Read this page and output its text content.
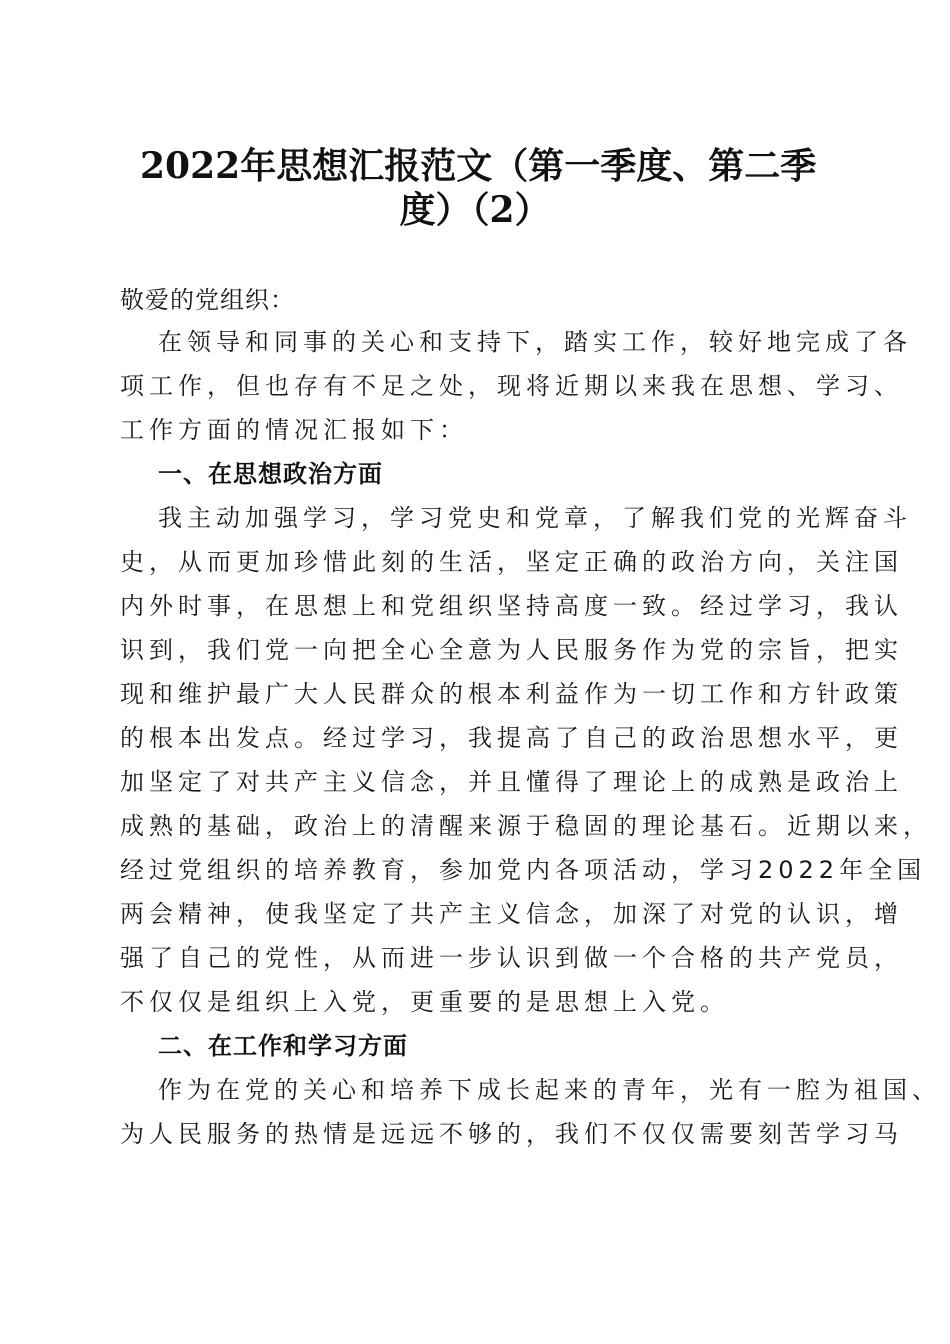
2022年思想汇报范文（第一季度、第二季
度）（2）
敬爱的党组织：
在领导和同事的关心和支持下，踏实工作，较好地完成了各
项工作，但也存有不足之处，现将近期以来我在思想、学习、
工作方面的情况汇报如下：
一、在思想政治方面
我主动加强学习，学习党史和党章，了解我们党的光辉奋斗
史，从而更加珍惜此刻的生活，坚定正确的政治方向，关注国
内外时事，在思想上和党组织坚持高度一致。经过学习，我认
识到，我们党一向把全心全意为人民服务作为党的宗旨，把实
现和维护最广大人民群众的根本利益作为一切工作和方针政策
的根本出发点。经过学习，我提高了自己的政治思想水平，更
加坚定了对共产主义信念，并且懂得了理论上的成熟是政治上
成熟的基础，政治上的清醒来源于稳固的理论基石。近期以来，
经过党组织的培养教育，参加党内各项活动，学习2022年全国
两会精神，使我坚定了共产主义信念，加深了对党的认识，增
强了自己的党性，从而进一步认识到做一个合格的共产党员，
不仅仅是组织上入党，更重要的是思想上入党。
二、在工作和学习方面
作为在党的关心和培养下成长起来的青年，光有一腔为祖国、
为人民服务的热情是远远不够的，我们不仅仅需要刻苦学习马
